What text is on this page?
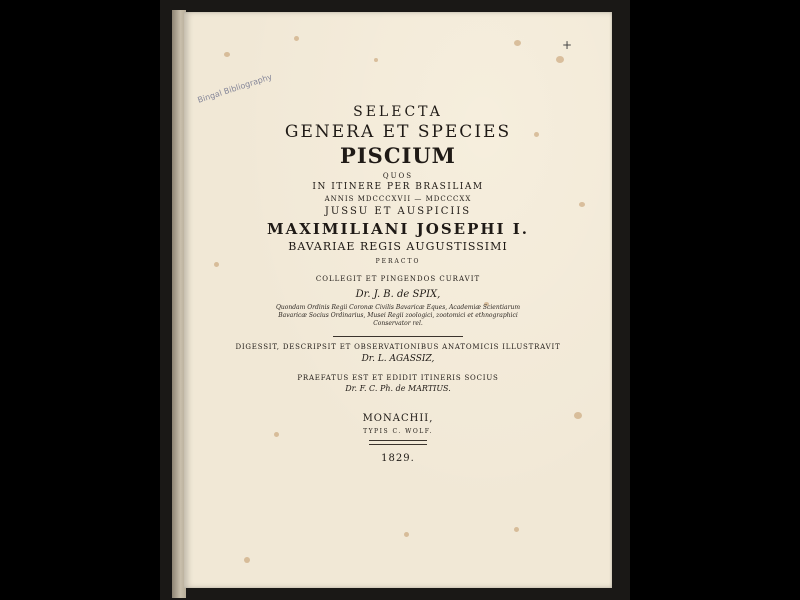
Bingal Bibliography
+
SELECTA
GENERA ET SPECIES
PISCIUM
QUOS
IN ITINERE PER BRASILIAM
ANNIS MDCCCXVII — MDCCCXX
JUSSU ET AUSPICIIS
MAXIMILIANI JOSEPHI I.
BAVARIAE REGIS AUGUSTISSIMI
PERACTO
COLLEGIT ET PINGENDOS CURAVIT
Dr. J. B. de SPIX,
Quondam Ordinis Regii Coronæ Civilis Bavaricæ Eques, Academiæ Scientiarum
Bavaricæ Socius Ordinarius, Musei Regii zoologici, zootomici et ethnographici
Conservator rel.
DIGESSIT, DESCRIPSIT ET OBSERVATIONIBUS ANATOMICIS ILLUSTRAVIT
Dr. L. AGASSIZ,
PRAEFATUS EST ET EDIDIT ITINERIS SOCIUS
Dr. F. C. Ph. de MARTIUS.
MONACHII,
TYPIS C. WOLF.
1829.
